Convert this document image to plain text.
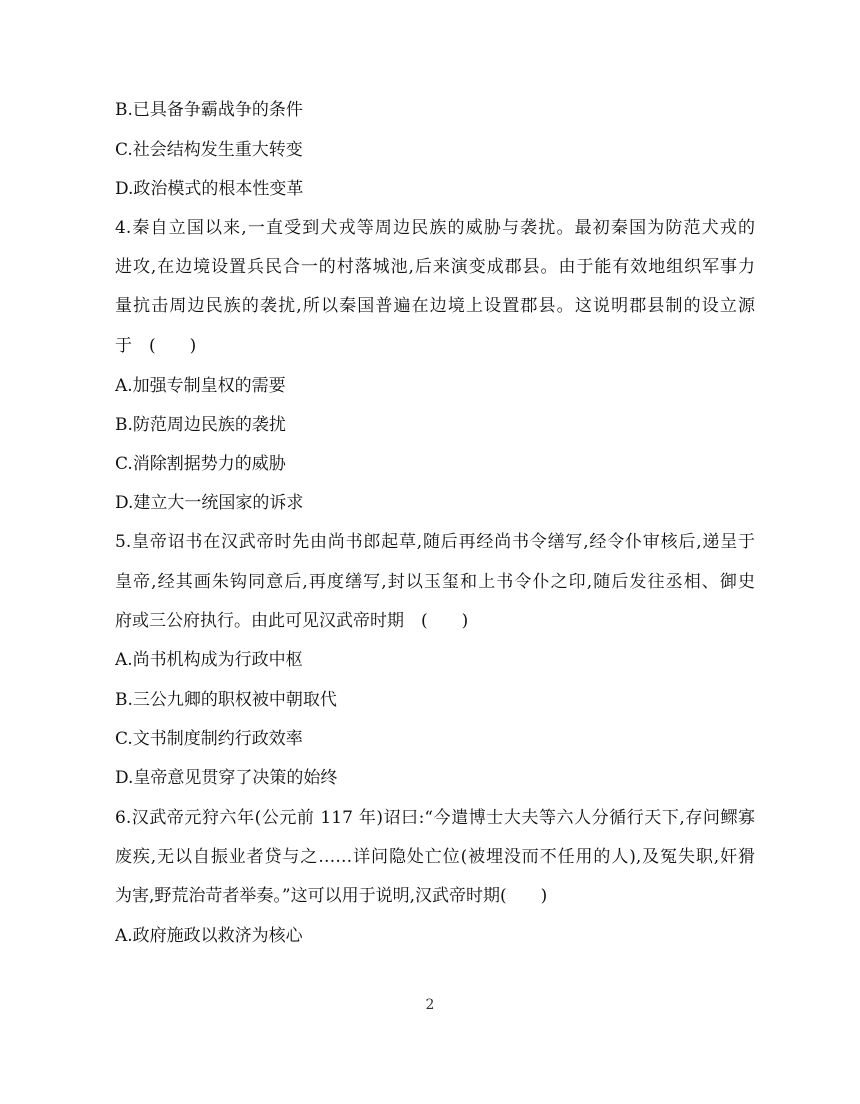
B.已具备争霸战争的条件
C.社会结构发生重大转变
D.政治模式的根本性变革
4.秦自立国以来,一直受到犬戎等周边民族的威胁与袭扰。最初秦国为防范犬戎的
进攻,在边境设置兵民合一的村落城池,后来演变成郡县。由于能有效地组织军事力
量抗击周边民族的袭扰,所以秦国普遍在边境上设置郡县。这说明郡县制的设立源
于　(　　)
A.加强专制皇权的需要
B.防范周边民族的袭扰
C.消除割据势力的威胁
D.建立大一统国家的诉求
5.皇帝诏书在汉武帝时先由尚书郎起草,随后再经尚书令缮写,经令仆审核后,递呈于
皇帝,经其画朱钩同意后,再度缮写,封以玉玺和上书令仆之印,随后发往丞相、御史
府或三公府执行。由此可见汉武帝时期　(　　)
A.尚书机构成为行政中枢
B.三公九卿的职权被中朝取代
C.文书制度制约行政效率
D.皇帝意见贯穿了决策的始终
6.汉武帝元狩六年(公元前 117 年)诏曰:“今遣博士大夫等六人分循行天下,存问鳏寡
废疾,无以自振业者贷与之……详问隐处亡位(被埋没而不任用的人),及冤失职,奸猾
为害,野荒治苛者举奏。”这可以用于说明,汉武帝时期(　　)
A.政府施政以救济为核心
2
